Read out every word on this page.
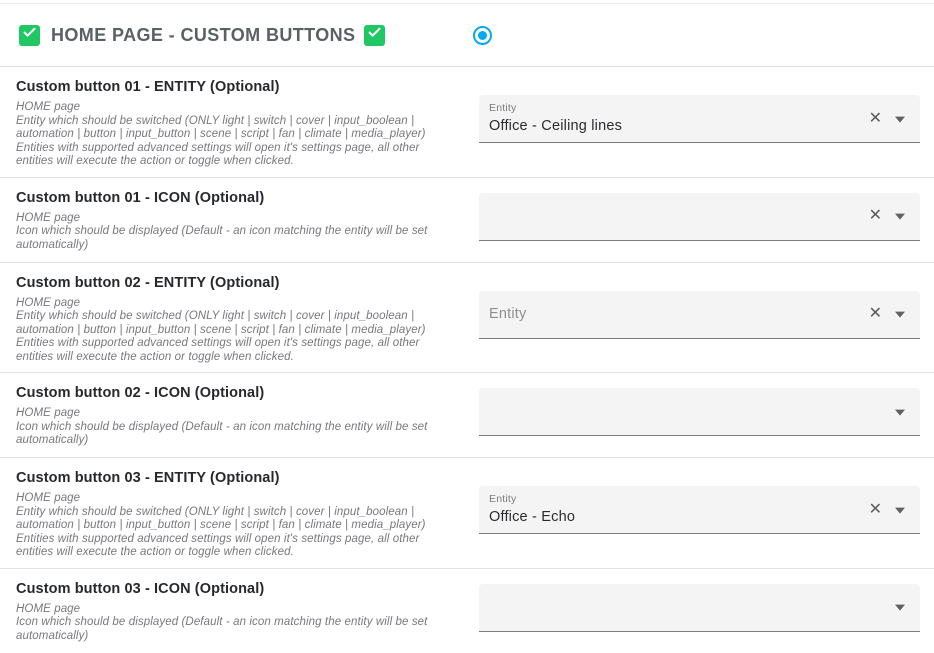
HOME PAGE - CUSTOM BUTTONS
Custom button 01 - ENTITY (Optional)

HOME page

Entity which should be switched (ONLY light | switch | cover | input_boolean | automation | button | input_button | scene | script | fan | climate | media_player)

Entities with supported advanced settings will open it's settings page, all other entities will execute the action or toggle when clicked.

Entity
Office - Ceiling lines	✕
Custom button 01 - ICON (Optional)

HOME page

Icon which should be displayed (Default - an icon matching the entity will be set automatically)

✕
Custom button 02 - ENTITY (Optional)

HOME page

Entity which should be switched (ONLY light | switch | cover | input_boolean | automation | button | input_button | scene | script | fan | climate | media_player)

Entities with supported advanced settings will open it's settings page, all other entities will execute the action or toggle when clicked.

Entity	✕
Custom button 02 - ICON (Optional)

HOME page

Icon which should be displayed (Default - an icon matching the entity will be set automatically)

Custom button 03 - ENTITY (Optional)

HOME page

Entity which should be switched (ONLY light | switch | cover | input_boolean | automation | button | input_button | scene | script | fan | climate | media_player)

Entities with supported advanced settings will open it's settings page, all other entities will execute the action or toggle when clicked.

Entity
Office - Echo	✕
Custom button 03 - ICON (Optional)

HOME page

Icon which should be displayed (Default - an icon matching the entity will be set automatically)
